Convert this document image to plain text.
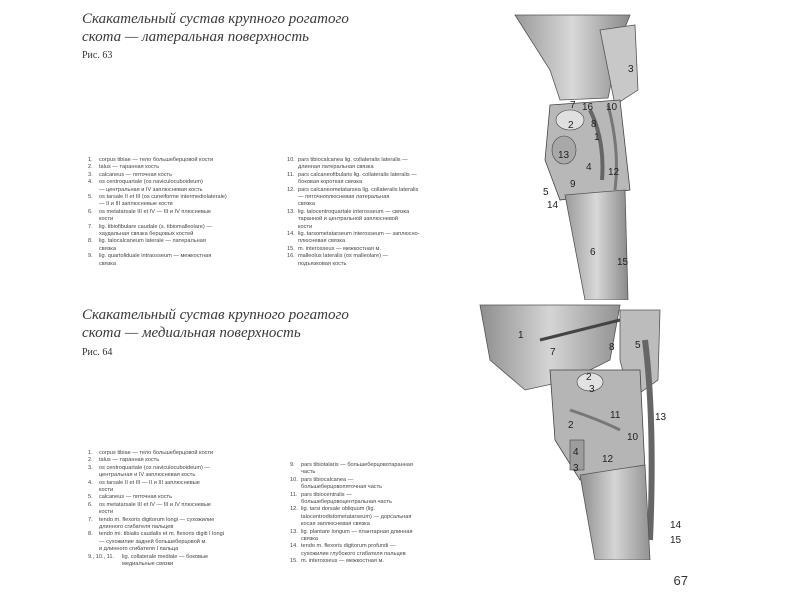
Скакательный сустав крупного рогатого
скота — латеральная поверхность
Рис. 63
1.	corpus tibiae — тело большеберцовой кости
2.	talus — таранная кость
3.	calcaneus — пяточная кость
4.	os centroquartale (os naviculocuboideum)
— центральная и IV заплюсневая кость
5.	os tarsale II et III (os cuneiforme intermediolaterale)
— II и III заплюсневые кости
6.	os metatarsale III et IV — III и IV плюсневые
кости
7.	lig. tibiofibulare caudale (s. tibiomalleolare) —
хаудальная связка берцовых костей
8.	lig. talocalcaneum laterale — латеральная
связка
9.	lig. quartoliduale intraosseum — межкостная
связка
10. pars tibiocalcanea lig. collateralis lateralis —
длинная латеральная связка
11. pars calcaneofibularis lig. collateralis lateralis —
боковая короткая связка
12. pars calcaneometatarsea lig. collateralis lateralis
— пяточноплюсневая латеральная
связка
13. lig. talocentroquartale interosseum — связка
таранной и центральной заплюсневой
кости
14. lig. tarsometatarseum interosseum — заплюсно-
плюсневая связка
15. m. interosseus — межкостная м.
16. malleolus lateralis (os malleolare) —
подъязковая кость
3
16 10
7
2 8
1
13
12
4
9
5
14
6
15
Скакательный сустав крупного рогатого
скота — медиальная поверхность
Рис. 64
1.	corpus tibiae — тело большеберцовой кости
2.	talus — таранная кость
3.	os centroquartale (os naviculocuboideum) —
центральная и IV заплюсневая кость
4.	os tarsale II et III — II и III заплюсневые
кости
5.	calcaneus — пяточная кость
6.	os metatarsale III et IV — III и IV плюсневые
кости
7.	tendo m. flexoris digitorum longi — сухожилие
длинного сгибателя пальцев
8.	tendo mi. tibialis caudalis et m. flexoris digiti I longi
— сухожилие задней большеберцовой м.
и длинного сгибателя I пальца
9., 10., 11.	lig. collaterale mediale — боковые
медиальные связки
9.	pars tibiotalaris — большеберцовотаранная
часть
10. pars tibiocalcanea —
большеберцовопяточная часть
11. pars tibiocentralis —
большеберцовоцентральная часть
12. lig. tarsi dorsale obliquum (lig.
talocentrodistometatarseum) — дорсальная
косая заплюсневая связка
13. lig. plantare longum — плантарная длинная
связка
14. tendo m. flexoris digitorum profundi —
сухожилие глубокого сгибателя пальцев
15. m. interosseus — межкостная м.
1
7	8 5
2
3
11
10
13
2
4
3
12
14
15
67
